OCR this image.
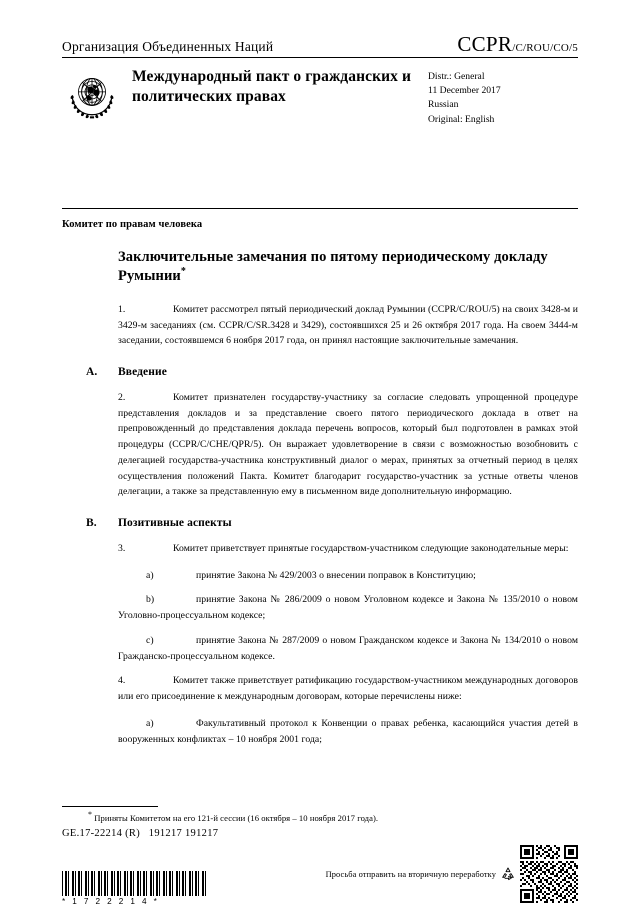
Организация Объединенных Наций	CCPR/C/ROU/CO/5
Международный пакт о гражданских и политических правах
Distr.: General
11 December 2017
Russian
Original: English
Комитет по правам человека
Заключительные замечания по пятому периодическому докладу Румынии*
1.	Комитет рассмотрел пятый периодический доклад Румынии (CCPR/C/ROU/5) на своих 3428-м и 3429-м заседаниях (см. CCPR/C/SR.3428 и 3429), состоявшихся 25 и 26 октября 2017 года. На своем 3444-м заседании, состоявшемся 6 ноября 2017 года, он принял настоящие заключительные замечания.
A.	Введение
2.	Комитет признателен государству-участнику за согласие следовать упрощенной процедуре представления докладов и за представление своего пятого периодического доклада в ответ на препровожденный до представления доклада перечень вопросов, который был подготовлен в рамках этой процедуры (CCPR/C/CHE/QPR/5). Он выражает удовлетворение в связи с возможностью возобновить с делегацией государства-участника конструктивный диалог о мерах, принятых за отчетный период в целях осуществления положений Пакта. Комитет благодарит государство-участник за устные ответы членов делегации, а также за представленную ему в письменном виде дополнительную информацию.
B.	Позитивные аспекты
3.	Комитет приветствует принятые государством-участником следующие законодательные меры:
a)	принятие Закона № 429/2003 о внесении поправок в Конституцию;
b)	принятие Закона № 286/2009 о новом Уголовном кодексе и Закона № 135/2010 о новом Уголовно-процессуальном кодексе;
c)	принятие Закона № 287/2009 о новом Гражданском кодексе и Закона № 134/2010 о новом Гражданско-процессуальном кодексе.
4.	Комитет также приветствует ратификацию государством-участником международных договоров или его присоединение к международным договорам, которые перечислены ниже:
a)	Факультативный протокол к Конвенции о правах ребенка, касающийся участия детей в вооруженных конфликтах – 10 ноября 2001 года;
* Приняты Комитетом на его 121-й сессии (16 октября – 10 ноября 2017 года).
GE.17-22214 (R) 191217 191217
* 1 7 2 2 2 1 4 *
Просьба отправить на вторичную переработку
